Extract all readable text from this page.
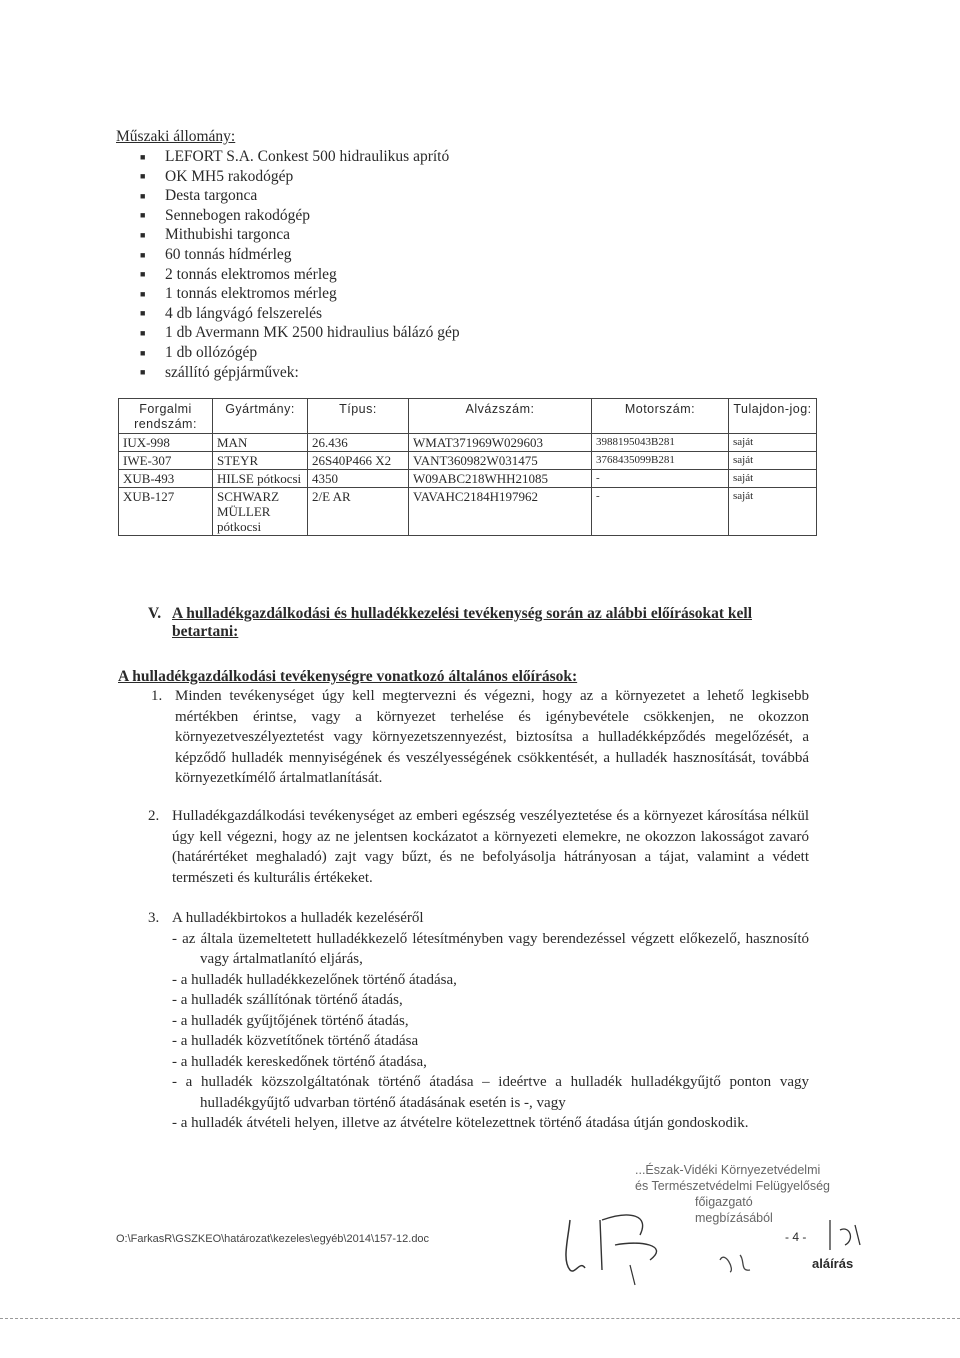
Műszaki állomány:
■ LEFORT S.A. Conkest 500 hidraulikus aprító
■ OK MH5 rakodógép
■ Desta targonca
■ Sennebogen rakodógép
■ Mithubishi targonca
■ 60 tonnás hídmérleg
■ 2 tonnás elektromos mérleg
■ 1 tonnás elektromos mérleg
■ 4 db lángvágó felszerelés
■ 1 db Avermann MK 2500 hidraulius bálázó gép
■ 1 db ollózógép
■ szállító gépjárművek:
Forgalmi rendszám:	Gyártmány:	Típus:	Alvázszám:	Motorszám:	Tulajdon-jog:
IUX-998	MAN	26.436	WMAT371969W029603	3988195043B281	saját
IWE-307	STEYR	26S40P466 X2	VANT360982W031475	3768435099B281	saját
XUB-493	HILSE pótkocsi	4350	W09ABC218WHH21085	-	saját
XUB-127	SCHWARZ MÜLLER pótkocsi	2/E AR	VAVAHC2184H197962	-	saját
V. A hulladékgazdálkodási és hulladékkezelési tevékenység során az alábbi előírásokat kell
betartani:
A hulladékgazdálkodási tevékenységre vonatkozó általános előírások:
1. Minden tevékenységet úgy kell megtervezni és végezni, hogy az a környezetet a lehető legkisebb mértékben érintse, vagy a környezet terhelése és igénybevétele csökkenjen, ne okozzon környezetveszélyeztetést vagy környezetszennyezést, biztosítsa a hulladékképződés megelőzését, a képződő hulladék mennyiségének és veszélyességének csökkentését, a hulladék hasznosítását, továbbá környezetkímélő ártalmatlanítását.
2. Hulladékgazdálkodási tevékenységet az emberi egészség veszélyeztetése és a környezet károsítása nélkül úgy kell végezni, hogy az ne jelentsen kockázatot a környezeti elemekre, ne okozzon lakosságot zavaró (határértéket meghaladó) zajt vagy bűzt, és ne befolyásolja hátrányosan a tájat, valamint a védett természeti és kulturális értékeket.
3. A hulladékbirtokos a hulladék kezeléséről
- az általa üzemeltetett hulladékkezelő létesítményben vagy berendezéssel végzett előkezelő, hasznosító vagy ártalmatlanító eljárás,
- a hulladék hulladékkezelőnek történő átadása,
- a hulladék szállítónak történő átadás,
- a hulladék gyűjtőjének történő átadás,
- a hulladék közvetítőnek történő átadása
- a hulladék kereskedőnek történő átadása,
- a hulladék közszolgáltatónak történő átadása – ideértve a hulladék hulladékgyűjtő ponton vagy hulladékgyűjtő udvarban történő átadásának esetén is -, vagy
- a hulladék átvételi helyen, illetve az átvételre kötelezettnek történő átadása útján gondoskodik.
...Észak-Vidéki Környezetvédelmi
és Természetvédelmi Felügyelőség
főigazgató
megbízásából
O:\FarkasR\GSZKEO\határozat\kezeles\egyéb\2014\157-12.doc	- 4 -
aláírás
